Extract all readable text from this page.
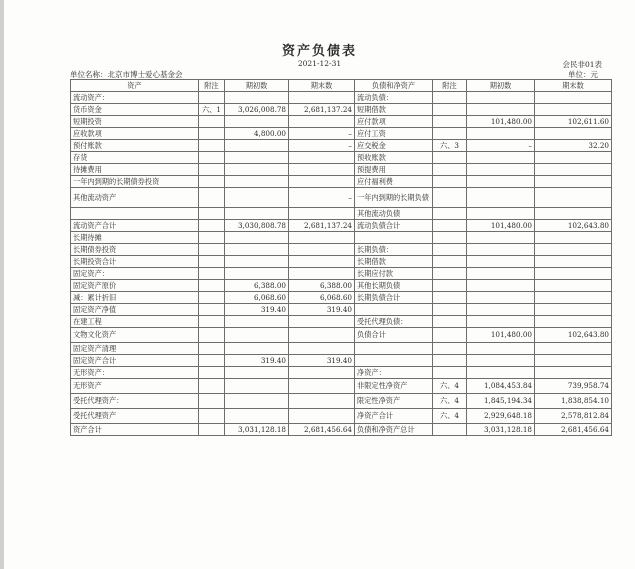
资产负债表
2021-12-31	会民非01表
单位名称：北京市博士爱心基金会	单位：元
资产	附注	期初数	期末数	负债和净资产	附注	期初数	期末数
流动资产：				流动负债：			
货币资金	六、1	3,026,008.78	2,681,137.24	短期借款			
短期投资				应付款项		101,480.00	102,611.60
应收款项		4,800.00	–	应付工资			
预付账款			–	应交税金	六、3	–	32.20
存货				预收账款			
待摊费用				预提费用			
一年内到期的长期债券投资				应付福利费			
其他流动资产			–	一年内到期的长期负债			
				其他流动负债			
流动资产合计		3,030,808.78	2,681,137.24	流动负债合计		101,480.00	102,643.80
长期待摊							
长期债券投资				长期负债：			
长期投资合计				长期借款			
固定资产：				长期应付款			
固定资产原价		6,388.00	6,388.00	其他长期负债			
减：累计折旧		6,068.60	6,068.60	长期负债合计			
固定资产净值		319.40	319.40				
在建工程				受托代理负债：			
文物文化资产				负债合计		101,480.00	102,643.80
固定资产清理							
固定资产合计		319.40	319.40				
无形资产：				净资产：			
无形资产				非限定性净资产	六、4	1,084,453.84	739,958.74
受托代理资产：				限定性净资产	六、4	1,845,194.34	1,838,854.10
受托代理资产				净资产合计	六、4	2,929,648.18	2,578,812.84
资产合计		3,031,128.18	2,681,456.64	负债和净资产总计		3,031,128.18	2,681,456.64
